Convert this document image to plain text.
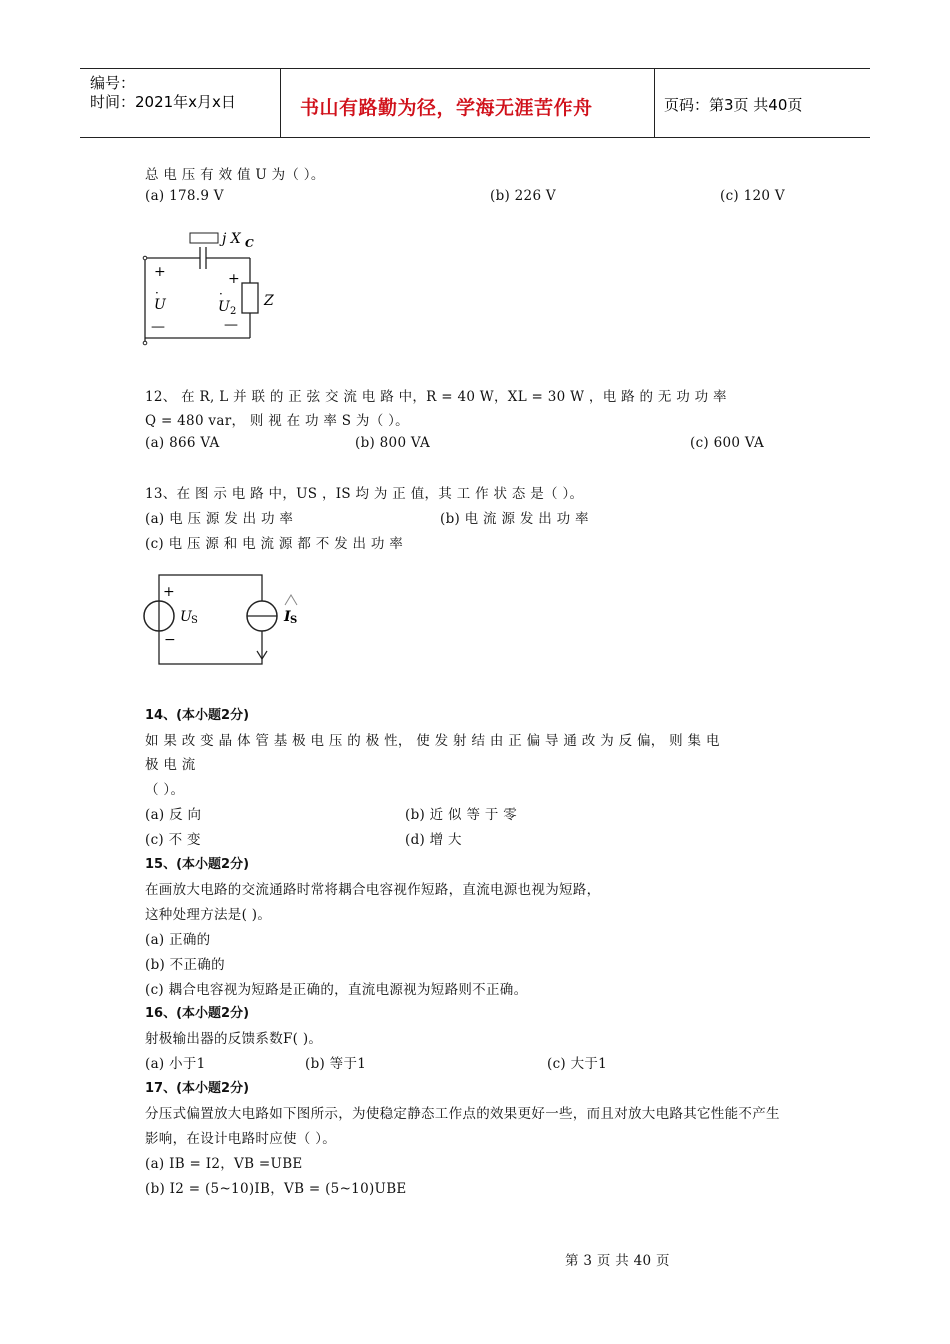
编号：
时间：2021年x月x日	书山有路勤为径，学海无涯苦作舟	页码：第3页 共40页
总 电 压 有 效 值 U 为（ ）。
(a) 178.9 V	(b) 226 V	(c) 120 V
j X C
+
U
·
—
+
U 2
·
—
Z
12、 在 R, L 并 联 的 正 弦 交 流 电 路 中，R = 40 W，XL = 30 W ，电 路 的 无 功 功 率
Q = 480 var， 则 视 在 功 率 S 为（ ）。
(a) 866 VA	(b) 800 VA	(c) 600 VA
13、在 图 示 电 路 中，US ，IS 均 为 正 值，其 工 作 状 态 是（ ）。
(a) 电 压 源 发 出 功 率	(b) 电 流 源 发 出 功 率
(c) 电 压 源 和 电 流 源 都 不 发 出 功 率
+
U S
−
I S
14、(本小题2分)
如 果 改 变 晶 体 管 基 极 电 压 的 极 性， 使 发 射 结 由 正 偏 导 通 改 为 反 偏， 则 集 电
极 电 流
（ ）。
(a) 反 向	(b) 近 似 等 于 零
(c) 不 变	(d) 增 大
15、(本小题2分)
在画放大电路的交流通路时常将耦合电容视作短路，直流电源也视为短路，
这种处理方法是( )。
(a) 正确的
(b) 不正确的
(c) 耦合电容视为短路是正确的，直流电源视为短路则不正确。
16、(本小题2分)
射极输出器的反馈系数F( )。
(a) 小于1	(b) 等于1	(c) 大于1
17、(本小题2分)
分压式偏置放大电路如下图所示，为使稳定静态工作点的效果更好一些，而且对放大电路其它性能不产生
影响，在设计电路时应使（ ）。
(a) IB = I2，VB =UBE
(b) I2 = (5~10)IB，VB = (5~10)UBE
第 3 页 共 40 页
